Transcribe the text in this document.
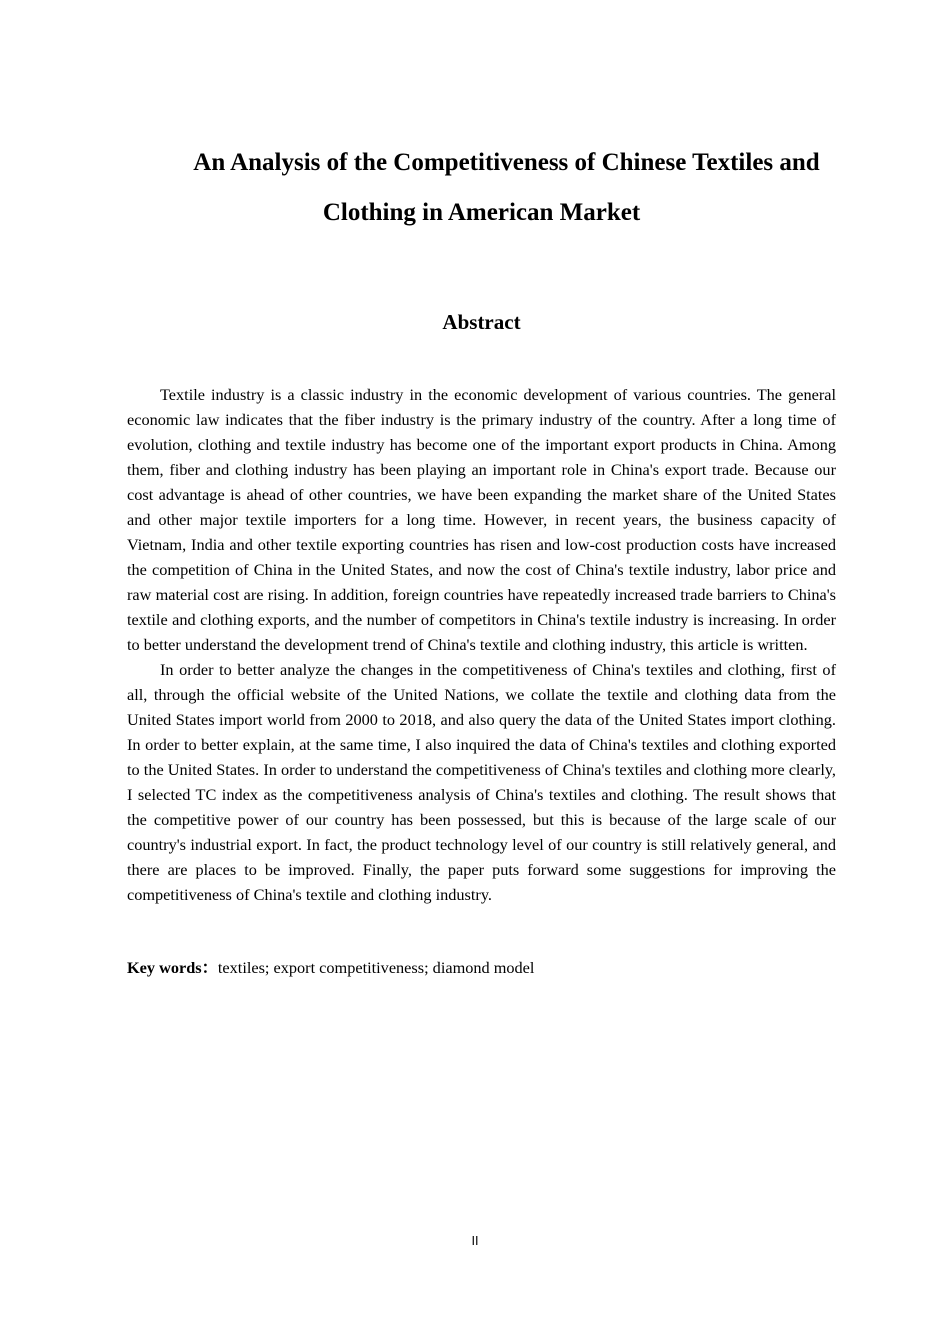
An Analysis of the Competitiveness of Chinese Textiles and
Clothing in American Market
Abstract

Textile industry is a classic industry in the economic development of various countries. The general economic law indicates that the fiber industry is the primary industry of the country. After a long time of evolution, clothing and textile industry has become one of the important export products in China. Among them, fiber and clothing industry has been playing an important role in China's export trade. Because our cost advantage is ahead of other countries, we have been expanding the market share of the United States and other major textile importers for a long time. However, in recent years, the business capacity of Vietnam, India and other textile exporting countries has risen and low-cost production costs have increased the competition of China in the United States, and now the cost of China's textile industry, labor price and raw material cost are rising. In addition, foreign countries have repeatedly increased trade barriers to China's textile and clothing exports, and the number of competitors in China's textile industry is increasing. In order to better understand the development trend of China's textile and clothing industry, this article is written.

In order to better analyze the changes in the competitiveness of China's textiles and clothing, first of all, through the official website of the United Nations, we collate the textile and clothing data from the United States import world from 2000 to 2018, and also query the data of the United States import clothing. In order to better explain, at the same time, I also inquired the data of China's textiles and clothing exported to the United States. In order to understand the competitiveness of China's textiles and clothing more clearly, I selected TC index as the competitiveness analysis of China's textiles and clothing. The result shows that the competitive power of our country has been possessed, but this is because of the large scale of our country's industrial export. In fact, the product technology level of our country is still relatively general, and there are places to be improved. Finally, the paper puts forward some suggestions for improving the competitiveness of China's textile and clothing industry.

Key words：textiles; export competitiveness; diamond model

II
